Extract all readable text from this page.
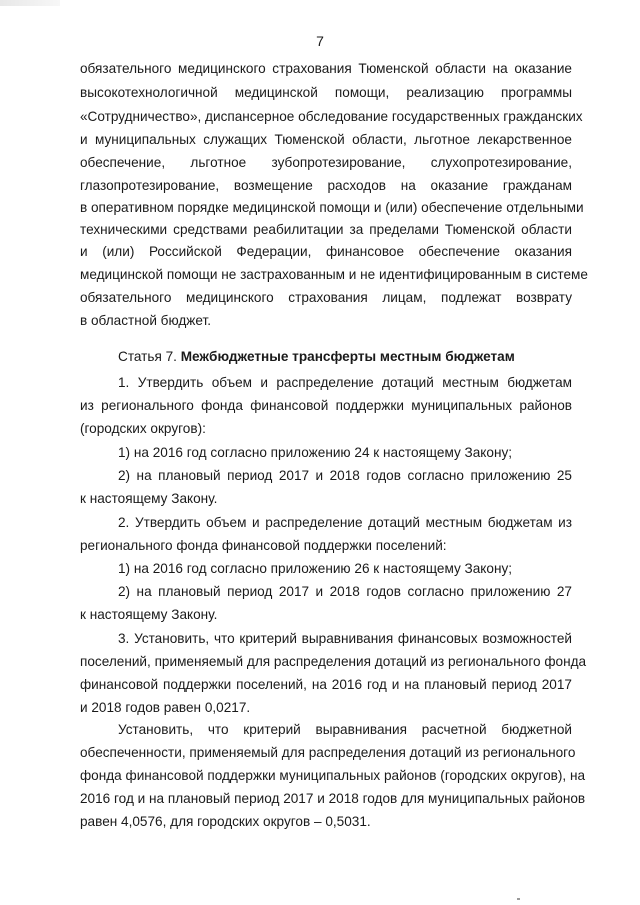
7
обязательного медицинского страхования Тюменской области на оказание
высокотехнологичной медицинской помощи, реализацию программы
«Сотрудничество», диспансерное обследование государственных гражданских
и муниципальных служащих Тюменской области, льготное лекарственное
обеспечение, льготное зубопротезирование, слухопротезирование,
глазопротезирование, возмещение расходов на оказание гражданам
в оперативном порядке медицинской помощи и (или) обеспечение отдельными
техническими средствами реабилитации за пределами Тюменской области
и (или) Российской Федерации, финансовое обеспечение оказания
медицинской помощи не застрахованным и не идентифицированным в системе
обязательного медицинского страхования лицам, подлежат возврату
в областной бюджет.
Статья 7. Межбюджетные трансферты местным бюджетам
1. Утвердить объем и распределение дотаций местным бюджетам
из регионального фонда финансовой поддержки муниципальных районов
(городских округов):
1) на 2016 год согласно приложению 24 к настоящему Закону;
2) на плановый период 2017 и 2018 годов согласно приложению 25
к настоящему Закону.
2. Утвердить объем и распределение дотаций местным бюджетам из
регионального фонда финансовой поддержки поселений:
1) на 2016 год согласно приложению 26 к настоящему Закону;
2) на плановый период 2017 и 2018 годов согласно приложению 27
к настоящему Закону.
3. Установить, что критерий выравнивания финансовых возможностей
поселений, применяемый для распределения дотаций из регионального фонда
финансовой поддержки поселений, на 2016 год и на плановый период 2017
и 2018 годов равен 0,0217.
Установить, что критерий выравнивания расчетной бюджетной
обеспеченности, применяемый для распределения дотаций из регионального
фонда финансовой поддержки муниципальных районов (городских округов), на
2016 год и на плановый период 2017 и 2018 годов для муниципальных районов
равен 4,0576, для городских округов – 0,5031.
